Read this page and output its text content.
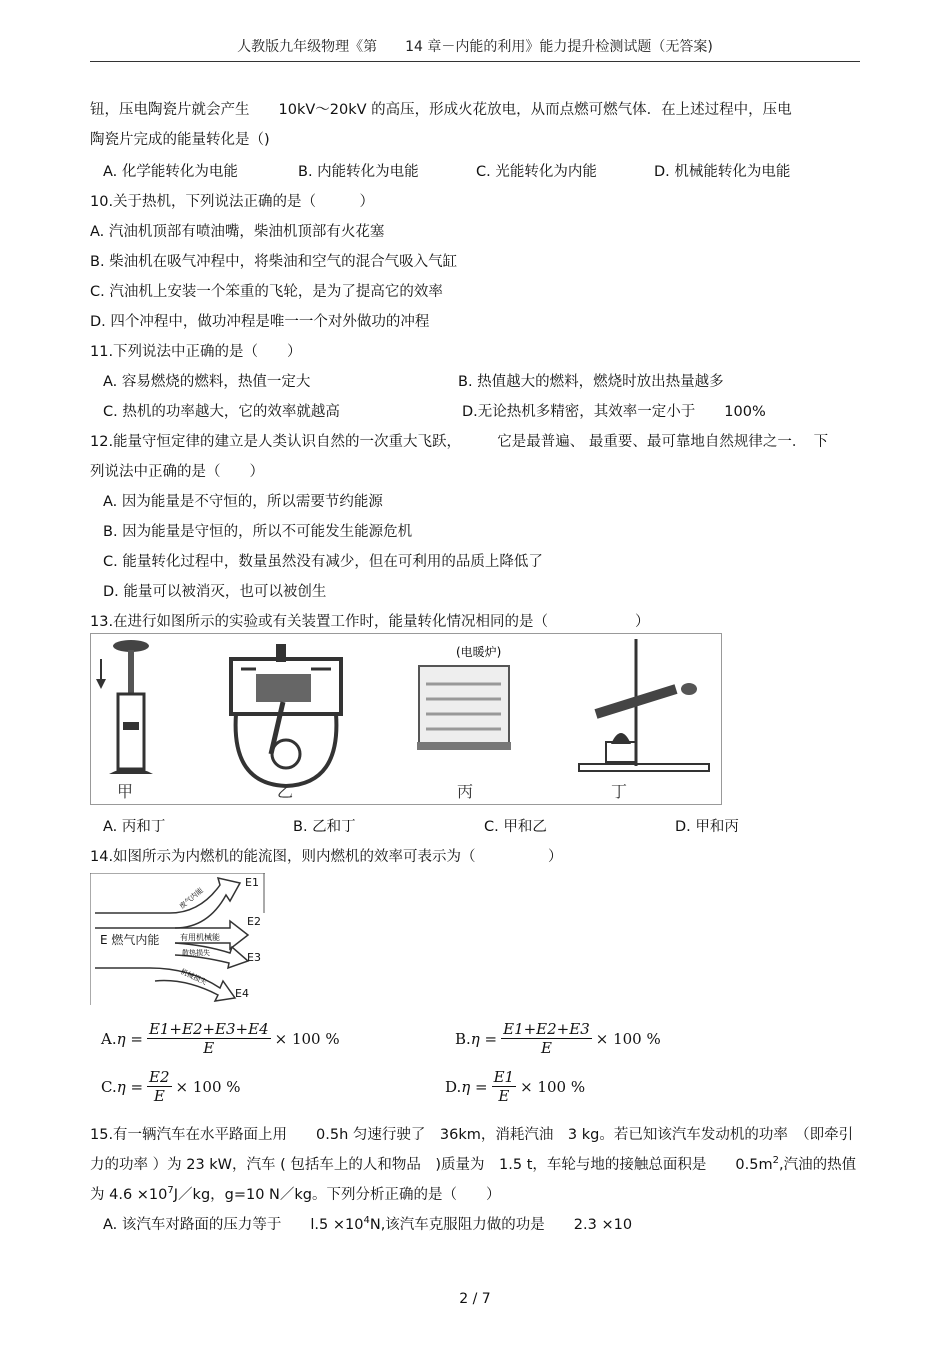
人教版九年级物理《第　　14 章－内能的利用》能力提升检测试题（无答案)
钮，压电陶瓷片就会产生　　10kV～20kV 的高压，形成火花放电，从而点燃可燃气体．在上述过程中，压电
陶瓷片完成的能量转化是（)
A. 化学能转化为电能	B. 内能转化为电能	C. 光能转化为内能	D. 机械能转化为电能
10.关于热机，下列说法正确的是（　　　）
A. 汽油机顶部有喷油嘴，柴油机顶部有火花塞
B. 柴油机在吸气冲程中，将柴油和空气的混合气吸入气缸
C. 汽油机上安装一个笨重的飞轮，是为了提高它的效率
D. 四个冲程中，做功冲程是唯一一个对外做功的冲程
11.下列说法中正确的是（　　）
A. 容易燃烧的燃料，热值一定大	B. 热值越大的燃料，燃烧时放出热量越多
C. 热机的功率越大，它的效率就越高	D.无论热机多精密，其效率一定小于　　100%
12.能量守恒定律的建立是人类认识自然的一次重大飞跃，　　　它是最普遍、 最重要、最可靠地自然规律之一．　下
列说法中正确的是（　　）
A. 因为能量是不守恒的，所以需要节约能源
B. 因为能量是守恒的，所以不可能发生能源危机
C. 能量转化过程中，数量虽然没有减少，但在可利用的品质上降低了
D. 能量可以被消灭，也可以被创生
13.在进行如图所示的实验或有关装置工作时，能量转化情况相同的是（　　　　　　）
(电暖炉)
甲	乙	丙	丁
A. 丙和丁	B. 乙和丁	C. 甲和乙	D. 甲和丙
14.如图所示为内燃机的能流图，则内燃机的效率可表示为（　　　　　）
废气内能
有用机械能
散热损失
机械损失
E 燃气内能
E1
E2
E3
E4
A. $\eta = \frac{E1+E2+E3+E4}{E} \times 100$ %	B. $\eta = \frac{E1+E2+E3}{E} \times 100$ %
C. $\eta = \frac{E2}{E} \times 100$ %	D. $\eta = \frac{E1}{E} \times 100$ %
15.有一辆汽车在水平路面上用　　0.5h 匀速行驶了　36km，消耗汽油　3 kg。若已知该汽车发动机的功率　（即牵引
力的功率 ）为 23 kW，汽车 ( 包括车上的人和物品　)质量为　1.5 t，车轮与地的接触总面积是　　$0.5m^2$,汽油的热值
为 $4.6 \times 10^7J/kg$，g=10 N／kg。下列分析正确的是（　　）
A. 该汽车对路面的压力等于　　$l.5 \times 10^4N$,该汽车克服阻力做的功是　　2.3 ×10
2 / 7
